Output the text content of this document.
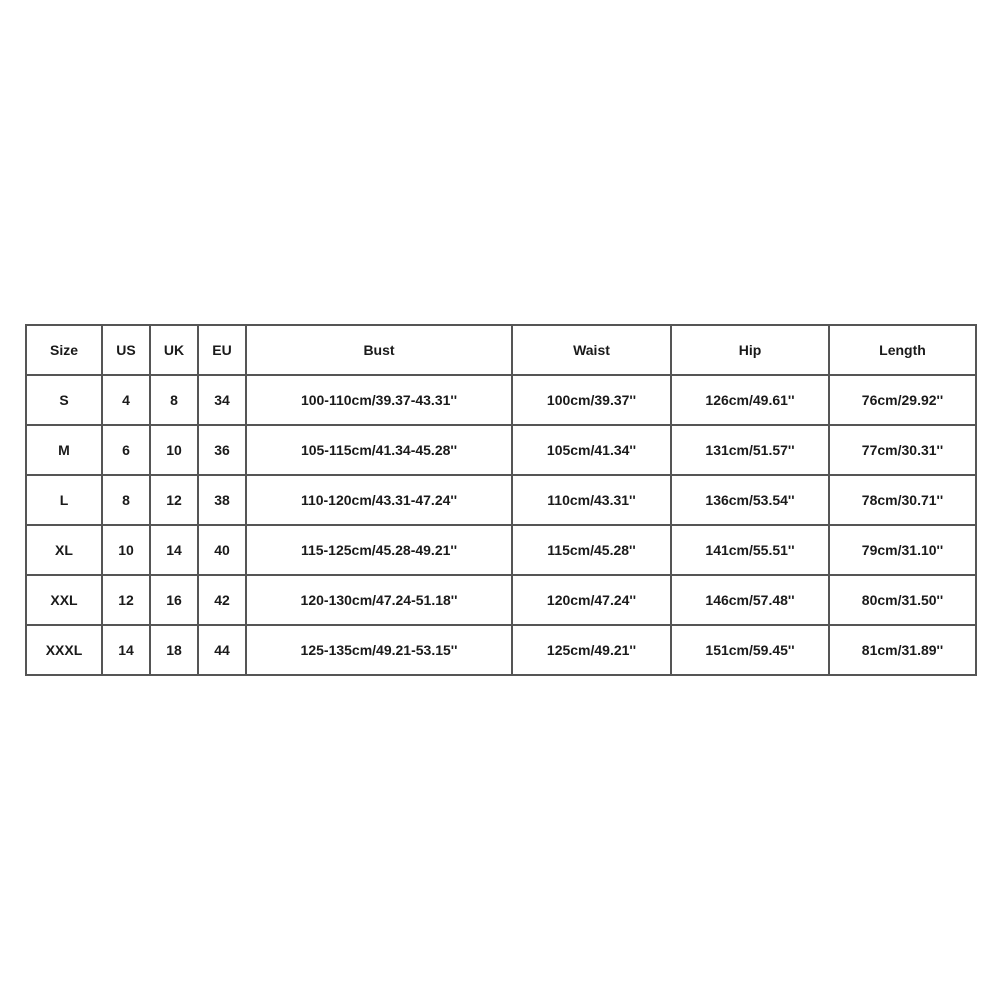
Size	US	UK	EU	Bust	Waist	Hip	Length
S	4	8	34	100-110cm/39.37-43.31''	100cm/39.37''	126cm/49.61''	76cm/29.92''
M	6	10	36	105-115cm/41.34-45.28''	105cm/41.34''	131cm/51.57''	77cm/30.31''
L	8	12	38	110-120cm/43.31-47.24''	110cm/43.31''	136cm/53.54''	78cm/30.71''
XL	10	14	40	115-125cm/45.28-49.21''	115cm/45.28''	141cm/55.51''	79cm/31.10''
XXL	12	16	42	120-130cm/47.24-51.18''	120cm/47.24''	146cm/57.48''	80cm/31.50''
XXXL	14	18	44	125-135cm/49.21-53.15''	125cm/49.21''	151cm/59.45''	81cm/31.89''
